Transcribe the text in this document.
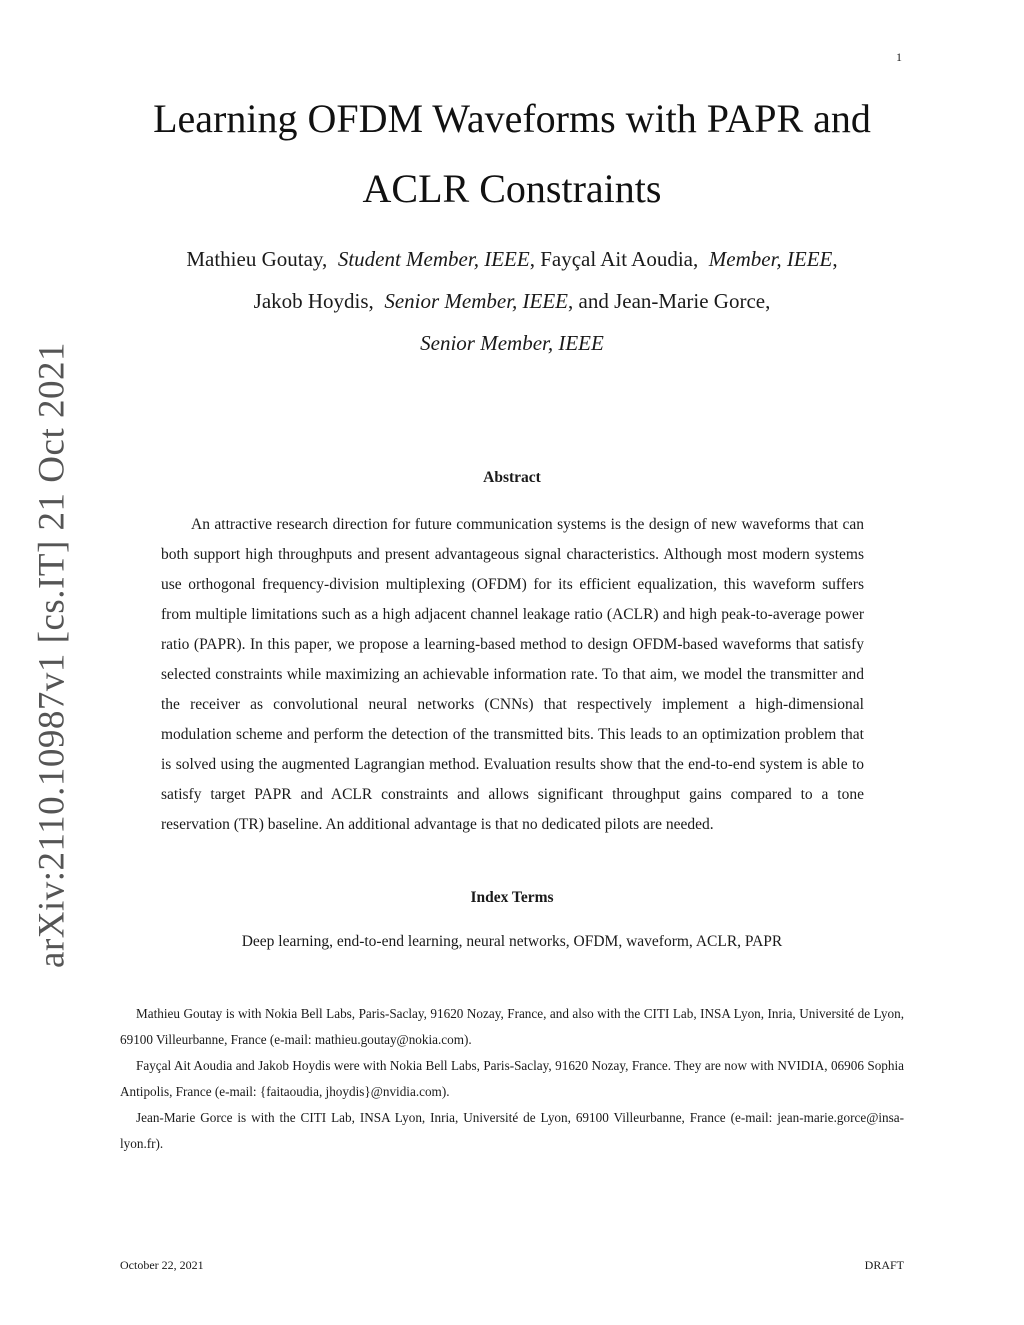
1
arXiv:2110.10987v1 [cs.IT] 21 Oct 2021
Learning OFDM Waveforms with PAPR and
ACLR Constraints
Mathieu Goutay, Student Member, IEEE, Fayçal Ait Aoudia, Member, IEEE,
Jakob Hoydis, Senior Member, IEEE, and Jean-Marie Gorce,
Senior Member, IEEE
Abstract

An attractive research direction for future communication systems is the design of new waveforms that can both support high throughputs and present advantageous signal characteristics. Although most modern systems use orthogonal frequency-division multiplexing (OFDM) for its efficient equalization, this waveform suffers from multiple limitations such as a high adjacent channel leakage ratio (ACLR) and high peak-to-average power ratio (PAPR). In this paper, we propose a learning-based method to design OFDM-based waveforms that satisfy selected constraints while maximizing an achievable information rate. To that aim, we model the transmitter and the receiver as convolutional neural networks (CNNs) that respectively implement a high-dimensional modulation scheme and perform the detection of the transmitted bits. This leads to an optimization problem that is solved using the augmented Lagrangian method. Evaluation results show that the end-to-end system is able to satisfy target PAPR and ACLR constraints and allows significant throughput gains compared to a tone reservation (TR) baseline. An additional advantage is that no dedicated pilots are needed.

Index Terms
Deep learning, end-to-end learning, neural networks, OFDM, waveform, ACLR, PAPR

Mathieu Goutay is with Nokia Bell Labs, Paris-Saclay, 91620 Nozay, France, and also with the CITI Lab, INSA Lyon, Inria, Université de Lyon, 69100 Villeurbanne, France (e-mail: mathieu.goutay@nokia.com).

Fayçal Ait Aoudia and Jakob Hoydis were with Nokia Bell Labs, Paris-Saclay, 91620 Nozay, France. They are now with NVIDIA, 06906 Sophia Antipolis, France (e-mail: {faitaoudia, jhoydis}@nvidia.com).

Jean-Marie Gorce is with the CITI Lab, INSA Lyon, Inria, Université de Lyon, 69100 Villeurbanne, France (e-mail: jean-marie.gorce@insa-lyon.fr).

October 22, 2021	DRAFT
